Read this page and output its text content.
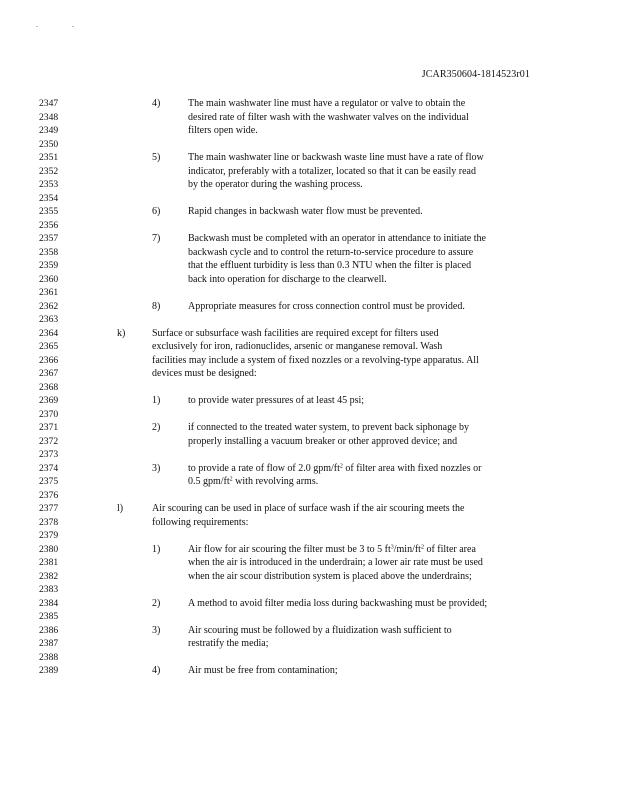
JCAR350604-1814523r01
2347	4)	The main washwater line must have a regulator or valve to obtain the
2348	desired rate of filter wash with the washwater valves on the individual
2349	filters open wide.
2350
2351	5)	The main washwater line or backwash waste line must have a rate of flow
2352	indicator, preferably with a totalizer, located so that it can be easily read
2353	by the operator during the washing process.
2354
2355	6)	Rapid changes in backwash water flow must be prevented.
2356
2357	7)	Backwash must be completed with an operator in attendance to initiate the
2358	backwash cycle and to control the return-to-service procedure to assure
2359	that the effluent turbidity is less than 0.3 NTU when the filter is placed
2360	back into operation for discharge to the clearwell.
2361
2362	8)	Appropriate measures for cross connection control must be provided.
2363
2364	k)	Surface or subsurface wash facilities are required except for filters used
2365	exclusively for iron, radionuclides, arsenic or manganese removal. Wash
2366	facilities may include a system of fixed nozzles or a revolving-type apparatus. All
2367	devices must be designed:
2368
2369	1)	to provide water pressures of at least 45 psi;
2370
2371	2)	if connected to the treated water system, to prevent back siphonage by
2372	properly installing a vacuum breaker or other approved device; and
2373
2374	3)	to provide a rate of flow of 2.0 gpm/$ft^2$ of filter area with fixed nozzles or
2375	0.5 gpm/$ft^2$ with revolving arms.
2376
2377	l)	Air scouring can be used in place of surface wash if the air scouring meets the
2378	following requirements:
2379
2380	1)	Air flow for air scouring the filter must be 3 to 5 $ft^3/\min/ft^2$ of filter area
2381	when the air is introduced in the underdrain; a lower air rate must be used
2382	when the air scour distribution system is placed above the underdrains;
2383
2384	2)	A method to avoid filter media loss during backwashing must be provided;
2385
2386	3)	Air scouring must be followed by a fluidization wash sufficient to
2387	restratify the media;
2388
2389	4)	Air must be free from contamination;
